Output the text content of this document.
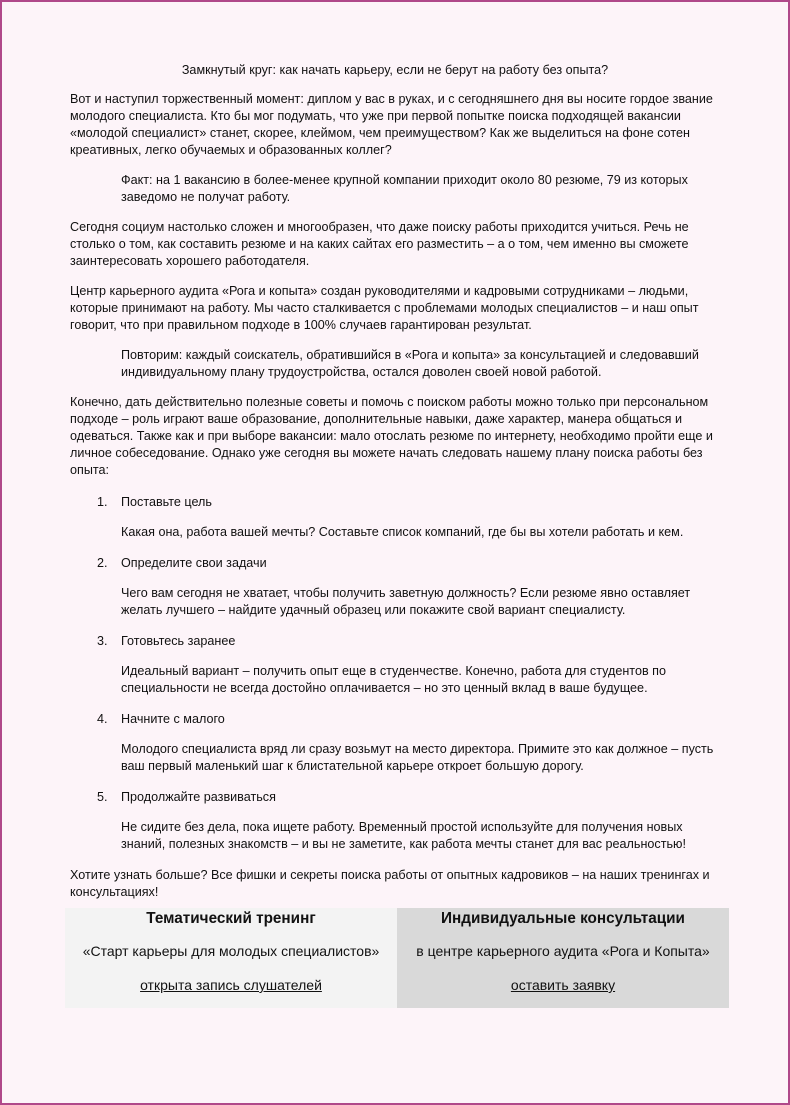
Замкнутый круг: как начать карьеру, если не берут на работу без опыта?

Вот и наступил торжественный момент: диплом у вас в руках, и с сегодняшнего дня вы носите гордое звание молодого специалиста. Кто бы мог подумать, что уже при первой попытке поиска подходящей вакансии «молодой специалист» станет, скорее, клеймом, чем преимуществом? Как же выделиться на фоне сотен креативных, легко обучаемых и образованных коллег?

Факт: на 1 вакансию в более-менее крупной компании приходит около 80 резюме, 79 из которых заведомо не получат работу.

Сегодня социум настолько сложен и многообразен, что даже поиску работы приходится учиться. Речь не столько о том, как составить резюме и на каких сайтах его разместить – а о том, чем именно вы сможете заинтересовать хорошего работодателя.

Центр карьерного аудита «Рога и копыта» создан руководителями и кадровыми сотрудниками – людьми, которые принимают на работу. Мы часто сталкивается с проблемами молодых специалистов – и наш опыт говорит, что при правильном подходе в 100% случаев гарантирован результат.

Повторим: каждый соискатель, обратившийся в «Рога и копыта» за консультацией и следовавший индивидуальному плану трудоустройства, остался доволен своей новой работой.

Конечно, дать действительно полезные советы и помочь с поиском работы можно только при персональном подходе – роль играют ваше образование, дополнительные навыки, даже характер, манера общаться и одеваться. Также как и при выборе вакансии: мало отослать резюме по интернету, необходимо пройти еще и личное собеседование. Однако уже сегодня вы можете начать следовать нашему плану поиска работы без опыта:

1. Поставьте цель

Какая она, работа вашей мечты? Составьте список компаний, где бы вы хотели работать и кем.

2. Определите свои задачи

Чего вам сегодня не хватает, чтобы получить заветную должность? Если резюме явно оставляет желать лучшего – найдите удачный образец или покажите свой вариант специалисту.

3. Готовьтесь заранее

Идеальный вариант – получить опыт еще в студенчестве. Конечно, работа для студентов по специальности не всегда достойно оплачивается – но это ценный вклад в ваше будущее.

4. Начните с малого

Молодого специалиста вряд ли сразу возьмут на место директора. Примите это как должное – пусть ваш первый маленький шаг к блистательной карьере откроет большую дорогу.

5. Продолжайте развиваться

Не сидите без дела, пока ищете работу. Временный простой используйте для получения новых знаний, полезных знакомств – и вы не заметите, как работа мечты станет для вас реальностью!

Хотите узнать больше? Все фишки и секреты поиска работы от опытных кадровиков – на наших тренингах и консультациях!

Тематический тренинг
«Старт карьеры для молодых специалистов»
открыта запись слушателей
Индивидуальные консультации
в центре карьерного аудита «Рога и Копыта»
оставить заявку
